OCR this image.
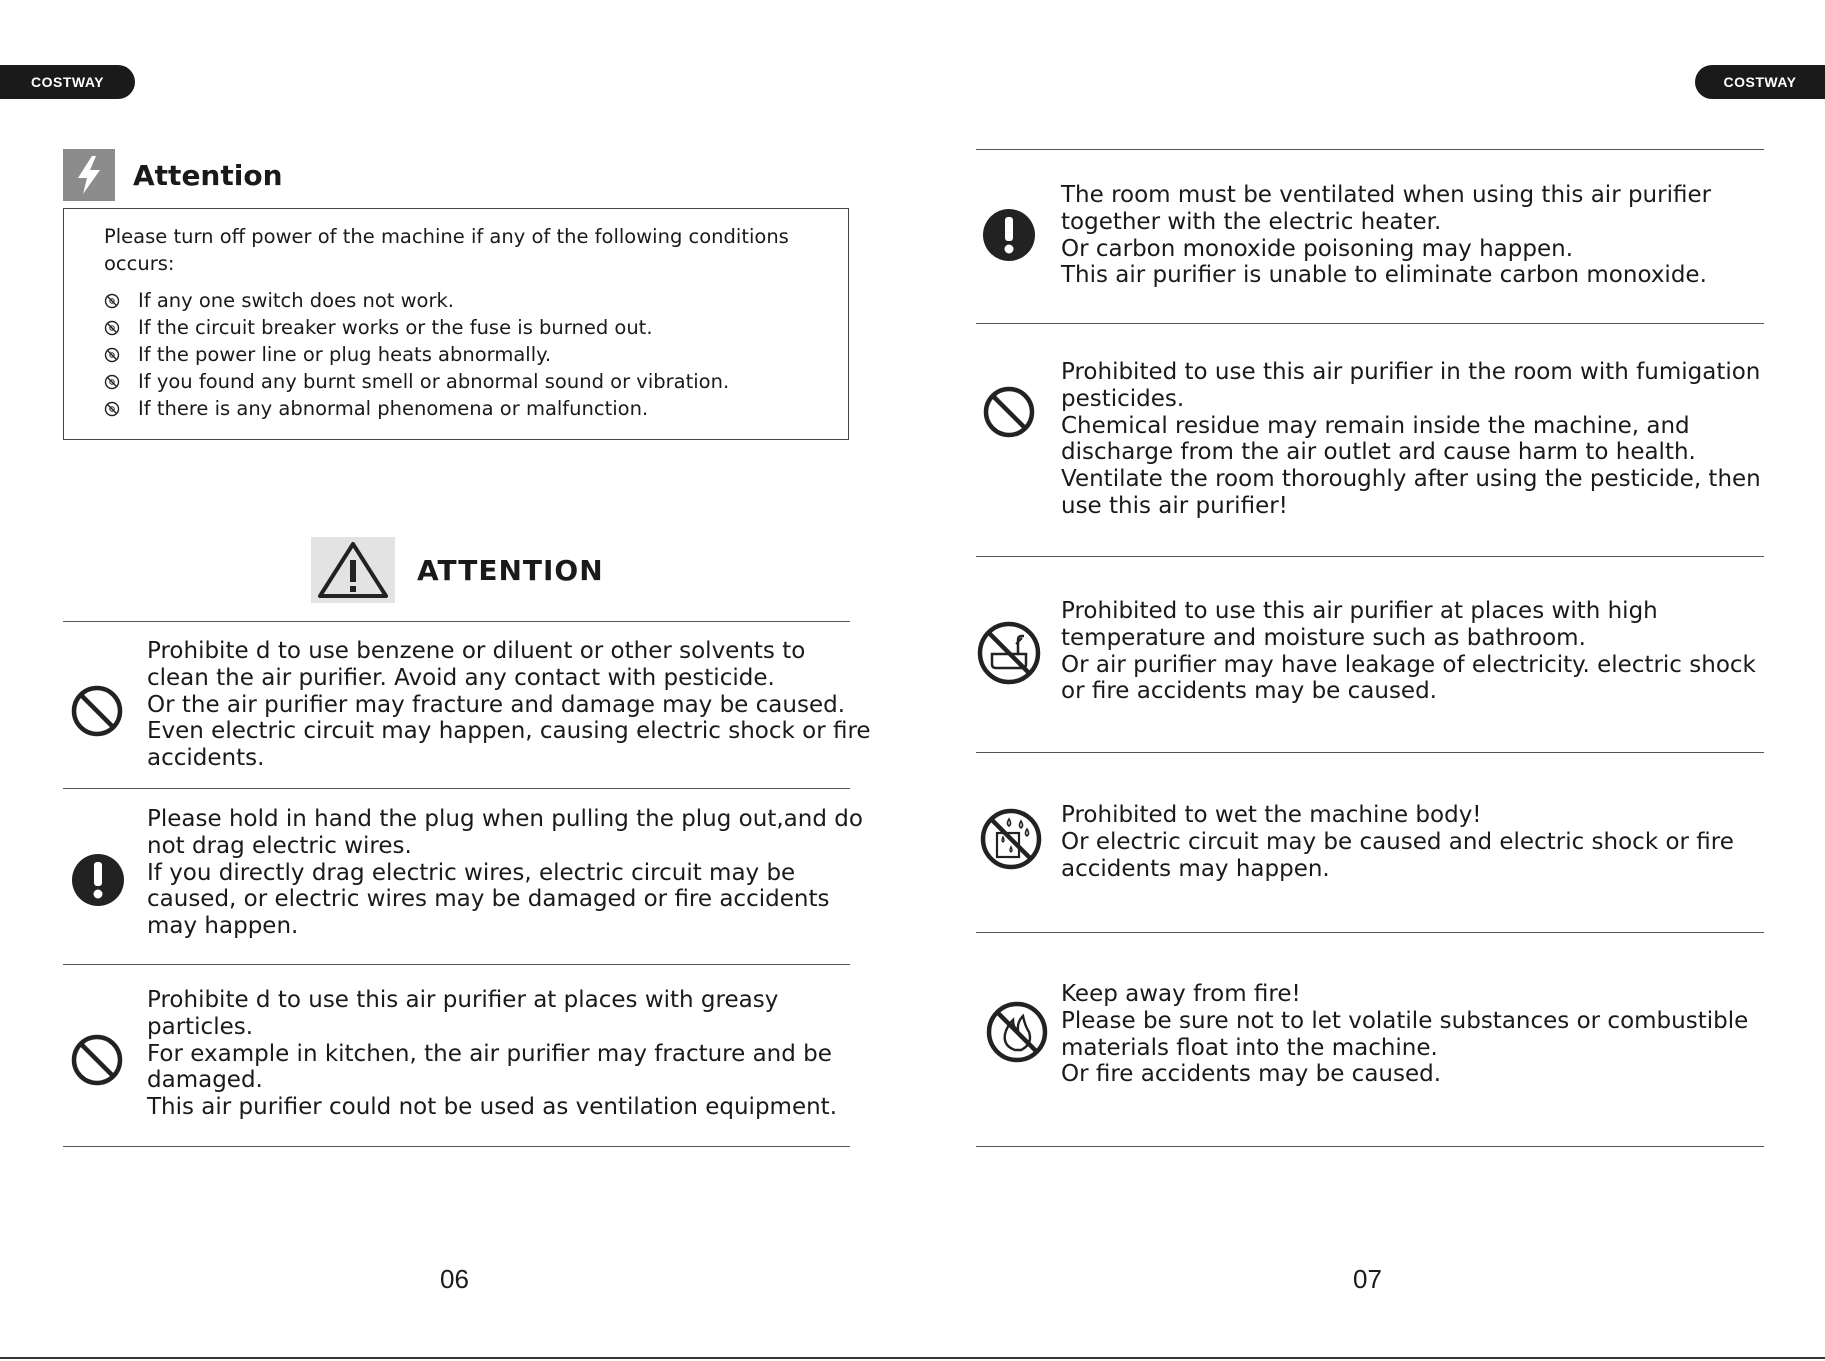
COSTWAY
Attention

Please turn off power of the machine if any of the following conditions occurs:

If any one switch does not work.
If the circuit breaker works or the fuse is burned out.
If the power line or plug heats abnormally.
If you found any burnt smell or abnormal sound or vibration.
If there is any abnormal phenomena or malfunction.
ATTENTION
Prohibite d to use benzene or diluent or other solvents to
clean the air purifier. Avoid any contact with pesticide.
Or the air purifier may fracture and damage may be caused.
Even electric circuit may happen, causing electric shock or fire
accidents.
Please hold in hand the plug when pulling the plug out,and do
not drag electric wires.
If you directly drag electric wires, electric circuit may be
caused, or electric wires may be damaged or fire accidents
may happen.
Prohibite d to use this air purifier at places with greasy
particles.
For example in kitchen, the air purifier may fracture and be
damaged.
This air purifier could not be used as ventilation equipment.
06
COSTWAY
The room must be ventilated when using this air purifier
together with the electric heater.
Or carbon monoxide poisoning may happen.
This air purifier is unable to eliminate carbon monoxide.
Prohibited to use this air purifier in the room with fumigation
pesticides.
Chemical residue may remain inside the machine, and
discharge from the air outlet ard cause harm to health.
Ventilate the room thoroughly after using the pesticide, then
use this air purifier!
Prohibited to use this air purifier at places with high
temperature and moisture such as bathroom.
Or air purifier may have leakage of electricity. electric shock
or fire accidents may be caused.
Prohibited to wet the machine body!
Or electric circuit may be caused and electric shock or fire
accidents may happen.
Keep away from fire!
Please be sure not to let volatile substances or combustible
materials float into the machine.
Or fire accidents may be caused.
07
